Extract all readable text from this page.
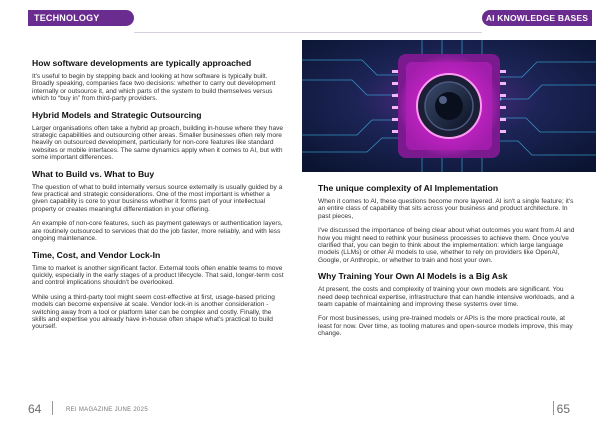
TECHNOLOGY
How software developments are typically approached

It's useful to begin by stepping back and looking at how software is typically built. Broadly speaking, companies face two decisions: whether to carry out development internally or outsource it, and which parts of the system to build themselves versus which to “buy in” from third-party providers.

Hybrid Models and Strategic Outsourcing

Larger organisations often take a hybrid ap proach, building in-house where they have strategic capabilities and outsourcing other areas. Smaller businesses often rely more heavily on outsourced development, particularly for non-core features like standard websites or mobile interfaces. The same dynamics apply when it comes to AI, but with some important differences.

What to Build vs. What to Buy

The question of what to build internally versus source externally is usually guided by a few practical and strategic considerations. One of the most important is whether a given capability is core to your business whether it forms part of your intellectual property or creates meaningful differentiation in your offering.

An example of non-core features, such as payment gateways or authentication layers, are routinely outsourced to services that do the job faster, more reliably, and with less ongoing maintenance.

Time, Cost, and Vendor Lock-In

Time to market is another significant factor. External tools often enable teams to move quickly, especially in the early stages of a product lifecycle. That said, longer-term cost and control implications shouldn't be overlooked.

While using a third-party tool might seem cost-effective at first, usage-based pricing models can become expensive at scale. Vendor lock-in is another consideration - switching away from a tool or platform later can be complex and costly. Finally, the skills and expertise you already have in-house often shape what's practical to build yourself.

64	REI MAGAZINE JUNE 2025
AI KNOWLEDGE BASES
The unique complexity of AI Implementation

When it comes to AI, these questions become more layered. AI isn't a single feature; it's an entire class of capability that sits across your business and product architecture. In past pieces,

I've discussed the importance of being clear about what outcomes you want from AI and how you might need to rethink your business processes to achieve them. Once you've clarified that, you can begin to think about the implementation: which large language models (LLMs) or other AI models to use, whether to rely on providers like OpenAI, Google, or Anthropic, or whether to train and host your own.

Why Training Your Own AI Models is a Big Ask

At present, the costs and complexity of training your own models are significant. You need deep technical expertise, infrastructure that can handle intensive workloads, and a team capable of maintaining and improving these systems over time.

For most businesses, using pre-trained models or APIs is the more practical route, at least for now. Over time, as tooling matures and open-source models improve, this may change.

65
